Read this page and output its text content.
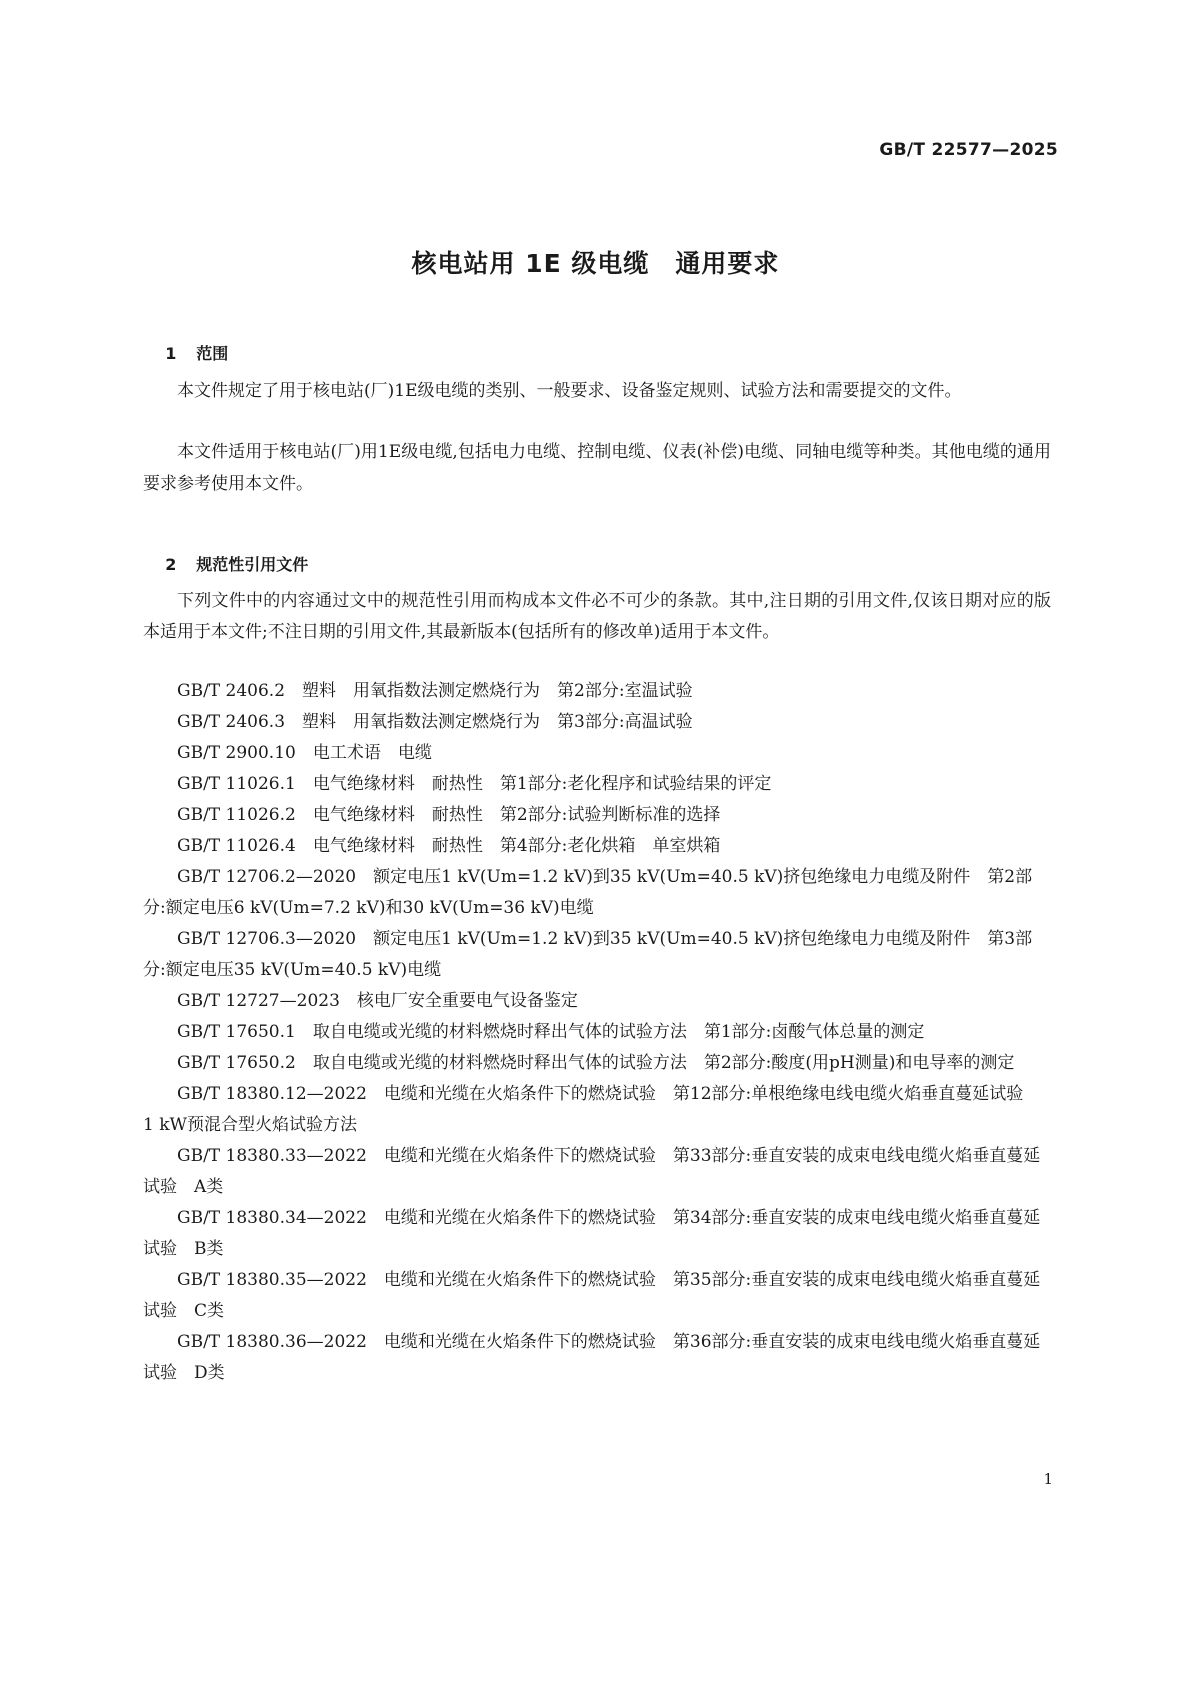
GB/T 22577—2025
核电站用 1E 级电缆　通用要求

1 范围

本文件规定了用于核电站(厂)1E级电缆的类别、一般要求、设备鉴定规则、试验方法和需要提交的文件。

本文件适用于核电站(厂)用1E级电缆,包括电力电缆、控制电缆、仪表(补偿)电缆、同轴电缆等种类。其他电缆的通用要求参考使用本文件。

2 规范性引用文件

下列文件中的内容通过文中的规范性引用而构成本文件必不可少的条款。其中,注日期的引用文件,仅该日期对应的版本适用于本文件;不注日期的引用文件,其最新版本(包括所有的修改单)适用于本文件。

GB/T 2406.2　塑料　用氧指数法测定燃烧行为　第2部分:室温试验
GB/T 2406.3　塑料　用氧指数法测定燃烧行为　第3部分:高温试验
GB/T 2900.10　电工术语　电缆
GB/T 11026.1　电气绝缘材料　耐热性　第1部分:老化程序和试验结果的评定
GB/T 11026.2　电气绝缘材料　耐热性　第2部分:试验判断标准的选择
GB/T 11026.4　电气绝缘材料　耐热性　第4部分:老化烘箱　单室烘箱
GB/T 12706.2—2020　额定电压1 kV(Um=1.2 kV)到35 kV(Um=40.5 kV)挤包绝缘电力电缆及附件　第2部分:额定电压6 kV(Um=7.2 kV)和30 kV(Um=36 kV)电缆
GB/T 12706.3—2020　额定电压1 kV(Um=1.2 kV)到35 kV(Um=40.5 kV)挤包绝缘电力电缆及附件　第3部分:额定电压35 kV(Um=40.5 kV)电缆
GB/T 12727—2023　核电厂安全重要电气设备鉴定
GB/T 17650.1　取自电缆或光缆的材料燃烧时释出气体的试验方法　第1部分:卤酸气体总量的测定
GB/T 17650.2　取自电缆或光缆的材料燃烧时释出气体的试验方法　第2部分:酸度(用pH测量)和电导率的测定
GB/T 18380.12—2022　电缆和光缆在火焰条件下的燃烧试验　第12部分:单根绝缘电线电缆火焰垂直蔓延试验　1 kW预混合型火焰试验方法
GB/T 18380.33—2022　电缆和光缆在火焰条件下的燃烧试验　第33部分:垂直安装的成束电线电缆火焰垂直蔓延试验　A类
GB/T 18380.34—2022　电缆和光缆在火焰条件下的燃烧试验　第34部分:垂直安装的成束电线电缆火焰垂直蔓延试验　B类
GB/T 18380.35—2022　电缆和光缆在火焰条件下的燃烧试验　第35部分:垂直安装的成束电线电缆火焰垂直蔓延试验　C类
GB/T 18380.36—2022　电缆和光缆在火焰条件下的燃烧试验　第36部分:垂直安装的成束电线电缆火焰垂直蔓延试验　D类
1
